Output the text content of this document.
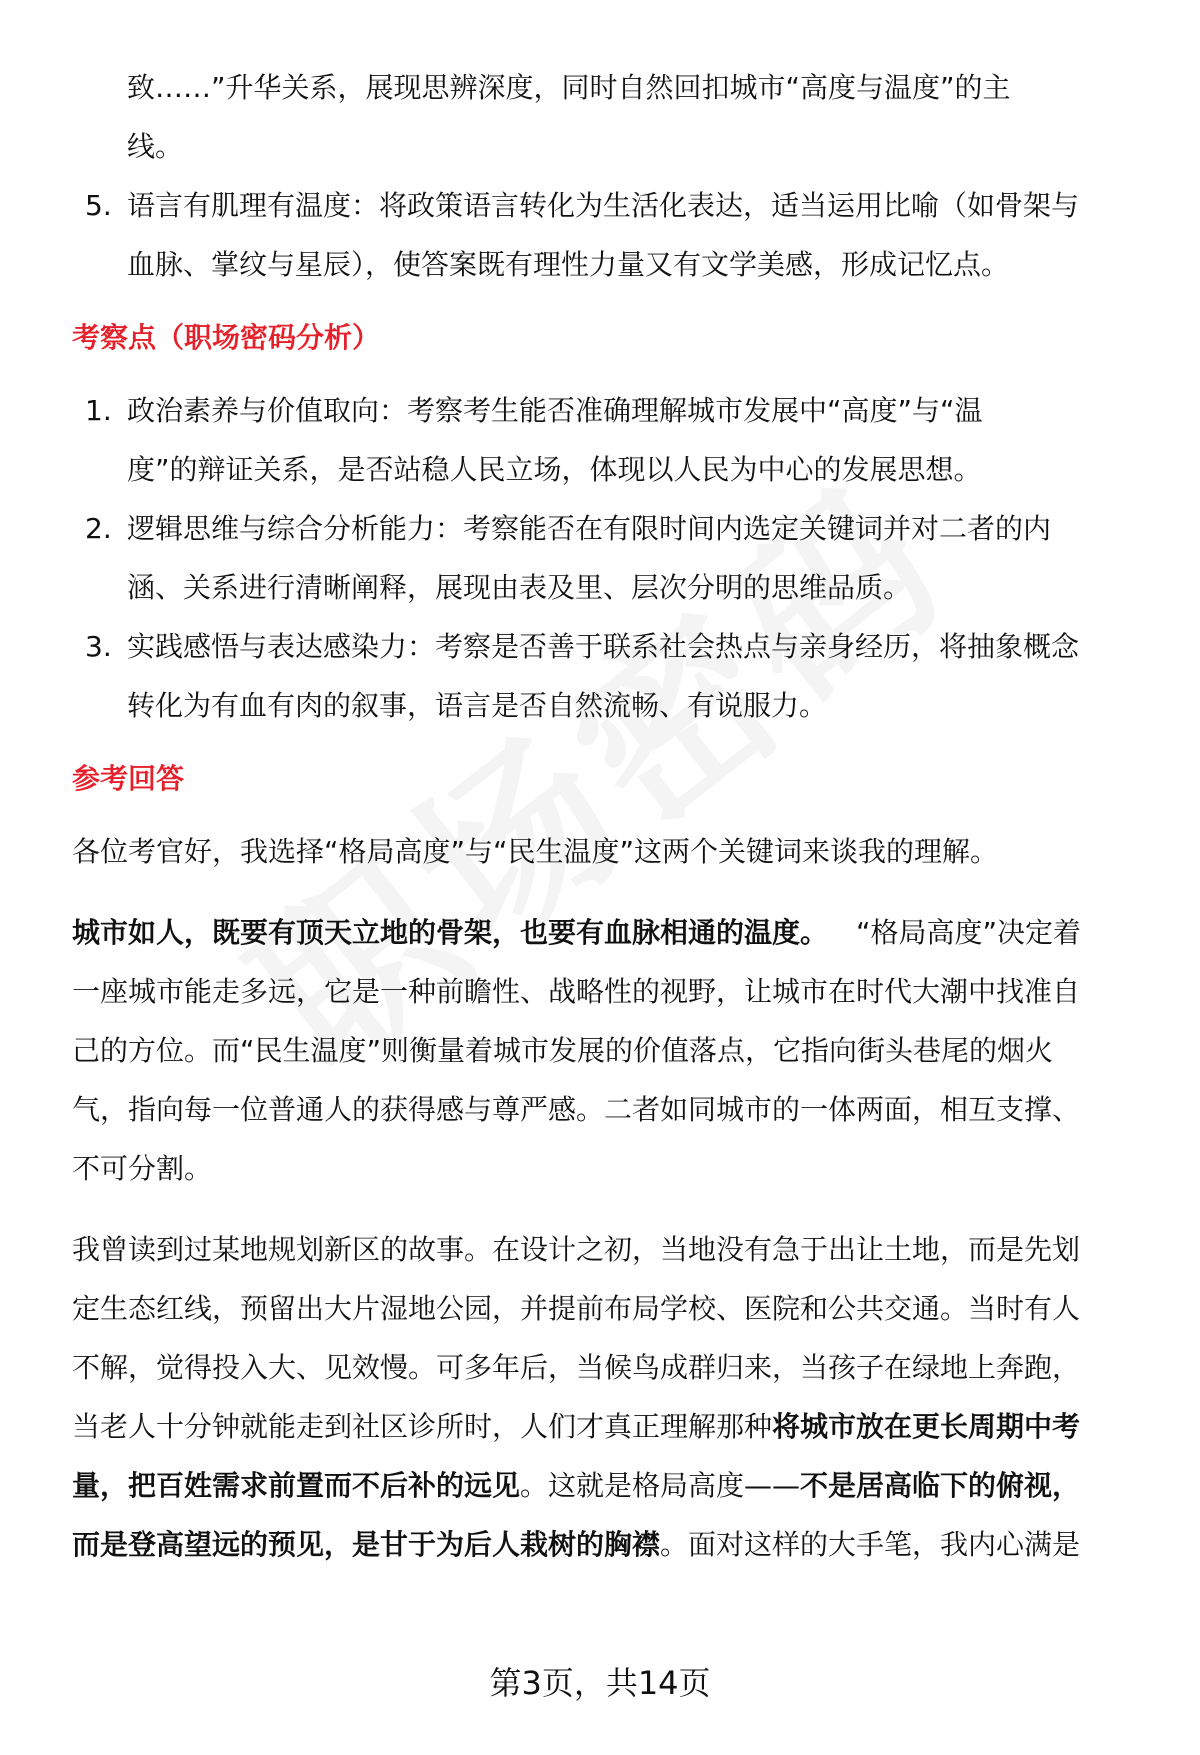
致……”升华关系，展现思辨深度，同时自然回扣城市“高度与温度”的主
线。
5. 语言有肌理有温度：将政策语言转化为生活化表达，适当运用比喻（如骨架与
血脉、掌纹与星辰），使答案既有理性力量又有文学美感，形成记忆点。
考察点（职场密码分析）
1. 政治素养与价值取向：考察考生能否准确理解城市发展中“高度”与“温
度”的辩证关系，是否站稳人民立场，体现以人民为中心的发展思想。
2. 逻辑思维与综合分析能力：考察能否在有限时间内选定关键词并对二者的内
涵、关系进行清晰阐释，展现由表及里、层次分明的思维品质。
3. 实践感悟与表达感染力：考察是否善于联系社会热点与亲身经历，将抽象概念
转化为有血有肉的叙事，语言是否自然流畅、有说服力。
参考回答

各位考官好，我选择“格局高度”与“民生温度”这两个关键词来谈我的理解。

城市如人，既要有顶天立地的骨架，也要有血脉相通的温度。 “格局高度”决定着
一座城市能走多远，它是一种前瞻性、战略性的视野，让城市在时代大潮中找准自
己的方位。而“民生温度”则衡量着城市发展的价值落点，它指向街头巷尾的烟火
气，指向每一位普通人的获得感与尊严感。二者如同城市的一体两面，相互支撑、
不可分割。

我曾读到过某地规划新区的故事。在设计之初，当地没有急于出让土地，而是先划
定生态红线，预留出大片湿地公园，并提前布局学校、医院和公共交通。当时有人
不解，觉得投入大、见效慢。可多年后，当候鸟成群归来，当孩子在绿地上奔跑，
当老人十分钟就能走到社区诊所时，人们才真正理解那种将城市放在更长周期中考
量，把百姓需求前置而不后补的远见。这就是格局高度——不是居高临下的俯视，
而是登高望远的预见，是甘于为后人栽树的胸襟。面对这样的大手笔，我内心满是

第3页，共14页
